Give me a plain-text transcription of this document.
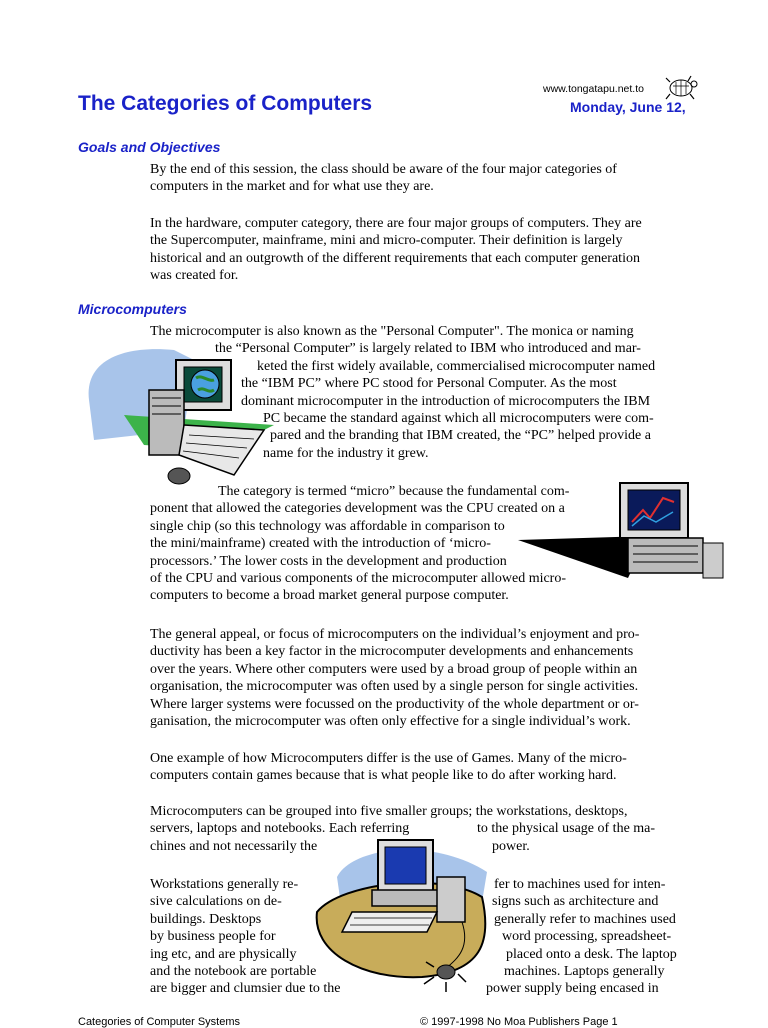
The Categories of Computers
www.tongatapu.net.to
Monday, June 12,
Goals and Objectives
By the end of this session, the class should be aware of the four major categories of
computers in the market and for what use they are.
In the hardware, computer category, there are four major groups of computers. They are
the Supercomputer, mainframe, mini and micro-computer. Their definition is largely
historical and an outgrowth of the different requirements that each computer generation
was created for.
Microcomputers
The microcomputer is also known as the "Personal Computer". The monica or naming
the “Personal Computer” is largely related to IBM who introduced and mar-
keted the first widely available, commercialised microcomputer named
the “IBM PC” where PC stood for Personal Computer. As the most
dominant microcomputer in the introduction of microcomputers the IBM
PC became the standard against which all microcomputers were com-
pared and the branding that IBM created, the “PC” helped provide a
name for the industry it grew.
The category is termed “micro” because the fundamental com-
ponent that allowed the categories development was the CPU created on a
single chip (so this technology was affordable in comparison to
the mini/mainframe) created with the introduction of ‘micro-
processors.’ The lower costs in the development and production
of the CPU and various components of the microcomputer allowed micro-
computers to become a broad market general purpose computer.
The general appeal, or focus of microcomputers on the individual’s enjoyment and pro-
ductivity has been a key factor in the microcomputer developments and enhancements
over the years. Where other computers were used by a broad group of people within an
organisation, the microcomputer was often used by a single person for single activities.
Where larger systems were focussed on the productivity of the whole department or or-
ganisation, the microcomputer was often only effective for a single individual’s work.
One example of how Microcomputers differ is the use of Games. Many of the micro-
computers contain games because that is what people like to do after working hard.
Microcomputers can be grouped into five smaller groups; the workstations, desktops,
servers, laptops and notebooks. Each referring
chines and not necessarily the
to the physical usage of the ma-
power.
Workstations generally re-
sive calculations on de-
buildings. Desktops
by business people for
ing etc, and are physically
and the notebook are portable
are bigger and clumsier due to the
fer to machines used for inten-
signs such as architecture and
generally refer to machines used
word processing, spreadsheet-
placed onto a desk. The laptop
machines. Laptops generally
power supply being encased in
Categories of Computer Systems	© 1997-1998 No Moa Publishers Page 1
